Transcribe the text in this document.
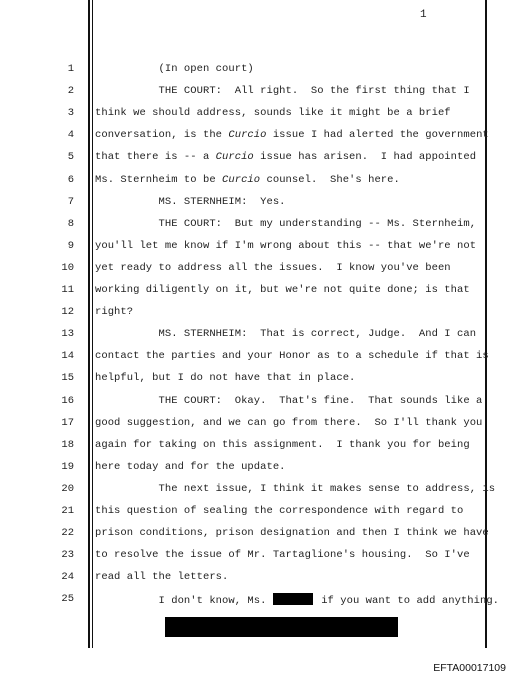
1
1 (In open court)
2 THE COURT:  All right.  So the first thing that I
3 think we should address, sounds like it might be a brief
4 conversation, is the Curcio issue I had alerted the government
5 that there is -- a Curcio issue has arisen.  I had appointed
6 Ms. Sternheim to be Curcio counsel.  She's here.
7 MS. STERNHEIM:  Yes.
8 THE COURT:  But my understanding -- Ms. Sternheim,
9 you'll let me know if I'm wrong about this -- that we're not
10 yet ready to address all the issues.  I know you've been
11 working diligently on it, but we're not quite done; is that
12 right?
13 MS. STERNHEIM:  That is correct, Judge.  And I can
14 contact the parties and your Honor as to a schedule if that is
15 helpful, but I do not have that in place.
16 THE COURT:  Okay.  That's fine.  That sounds like a
17 good suggestion, and we can go from there.  So I'll thank you
18 again for taking on this assignment.  I thank you for being
19 here today and for the update.
20 The next issue, I think it makes sense to address, is
21 this question of sealing the correspondence with regard to
22 prison conditions, prison designation and then I think we have
23 to resolve the issue of Mr. Tartaglione's housing.  So I've
24 read all the letters.
25 I don't know, Ms.	if you want to add anything.
EFTA00017109
